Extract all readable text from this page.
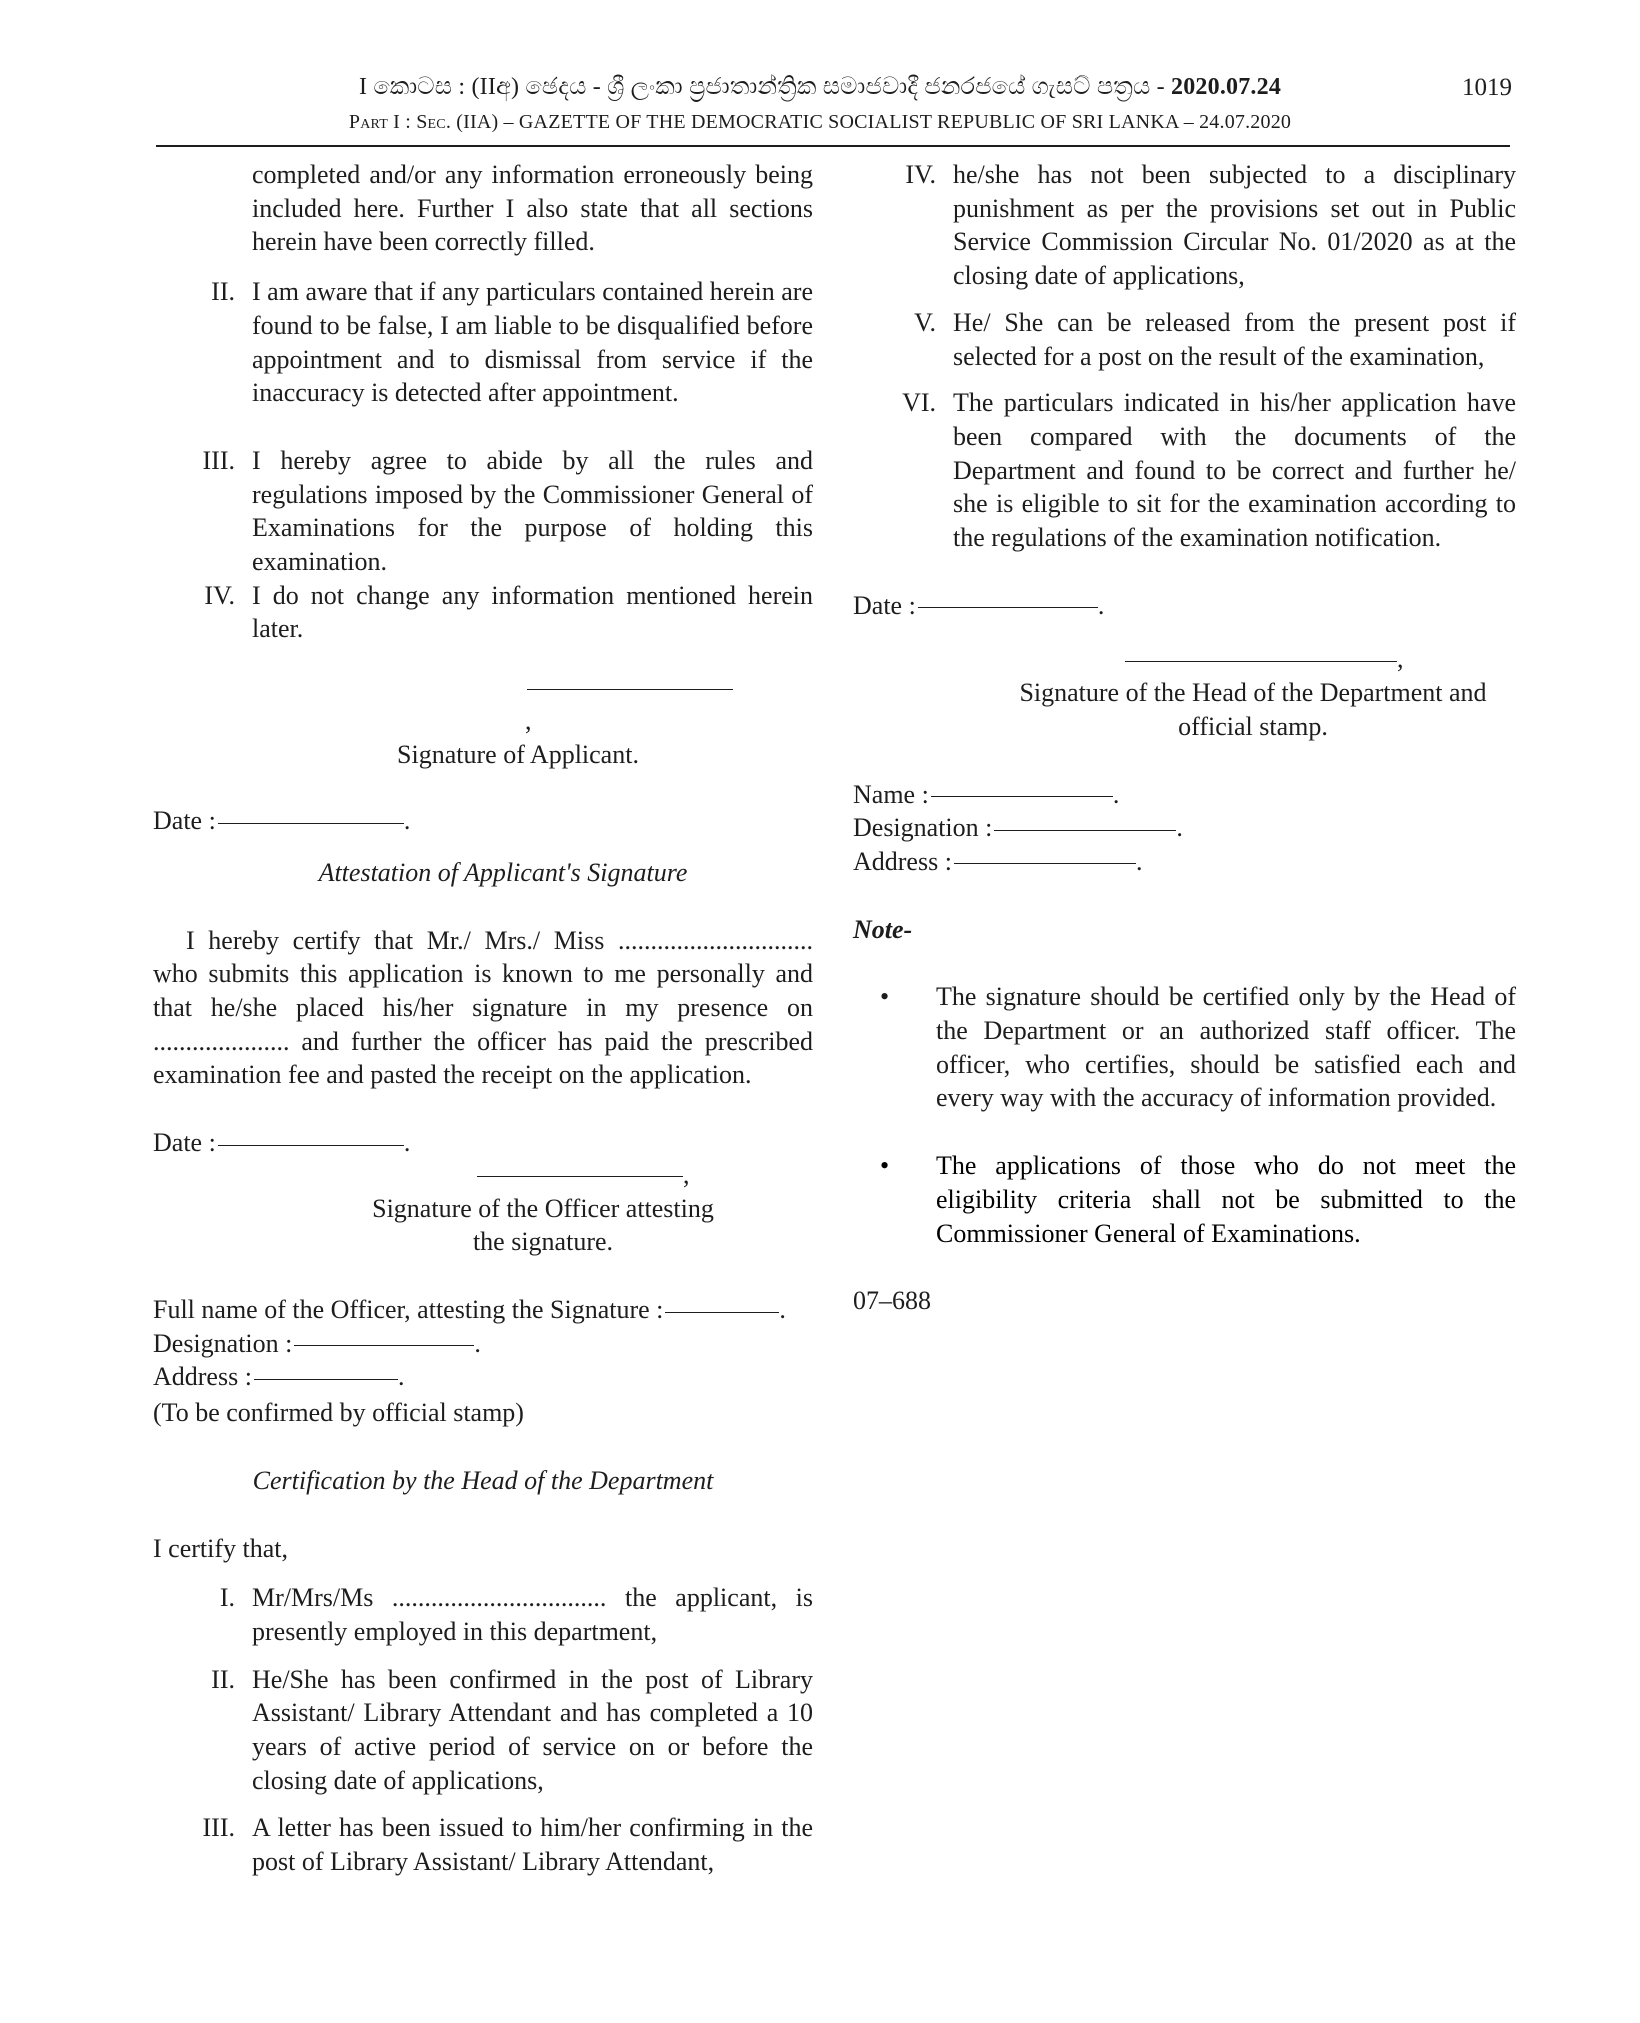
I කොටස : (IIඅ) ඡෙදය - ශ්‍රී ලංකා ප්‍රජාතාන්ත්‍රික සමාජවාදී ජනරජයේ ගැසට් පත්‍රය - 2020.07.24	1019
Part I : Sec. (IIA) – GAZETTE OF THE DEMOCRATIC SOCIALIST REPUBLIC OF SRI LANKA – 24.07.2020

completed and/or any information erroneously being included here. Further I also state that all sections herein have been correctly filled.

II. I am aware that if any particulars contained herein are found to be false, I am liable to be disqualified before appointment and to dismissal from service if the inaccuracy is detected after appointment.
III. I hereby agree to abide by all the rules and regulations imposed by the Commissioner General of Examinations for the purpose of holding this examination.
IV. I do not change any information mentioned herein later.
,

Signature of Applicant.

Date :	.

Attestation of Applicant's Signature

I hereby certify that Mr./ Mrs./ Miss .............................. who submits this application is known to me personally and that he/she placed his/her signature in my presence on ..................... and further the officer has paid the prescribed examination fee and pasted the receipt on the application.

Date :	.

,

Signature of the Officer attesting the signature.

Full name of the Officer, attesting the Signature :	.

Designation :	.

Address :	.

(To be confirmed by official stamp)

Certification by the Head of the Department

I certify that,

I. Mr/Mrs/Ms ................................. the applicant, is presently employed in this department,
II. He/She has been confirmed in the post of Library Assistant/ Library Attendant and has completed a 10 years of active period of service on or before the closing date of applications,
III. A letter has been issued to him/her confirming in the post of Library Assistant/ Library Attendant,
IV. he/she has not been subjected to a disciplinary punishment as per the provisions set out in Public Service Commission Circular No. 01/2020 as at the closing date of applications,
V. He/ She can be released from the present post if selected for a post on the result of the examination,
VI. The particulars indicated in his/her application have been compared with the documents of the Department and found to be correct and further he/ she is eligible to sit for the examination according to the regulations of the examination notification.

Date :	.

,

Signature of the Head of the Department and official stamp.

Name :	.

Designation :	.

Address :	.

Note-

• The signature should be certified only by the Head of the Department or an authorized staff officer. The officer, who certifies, should be satisfied each and every way with the accuracy of information provided.
• The applications of those who do not meet the eligibility criteria shall not be submitted to the Commissioner General of Examinations.

07–688
